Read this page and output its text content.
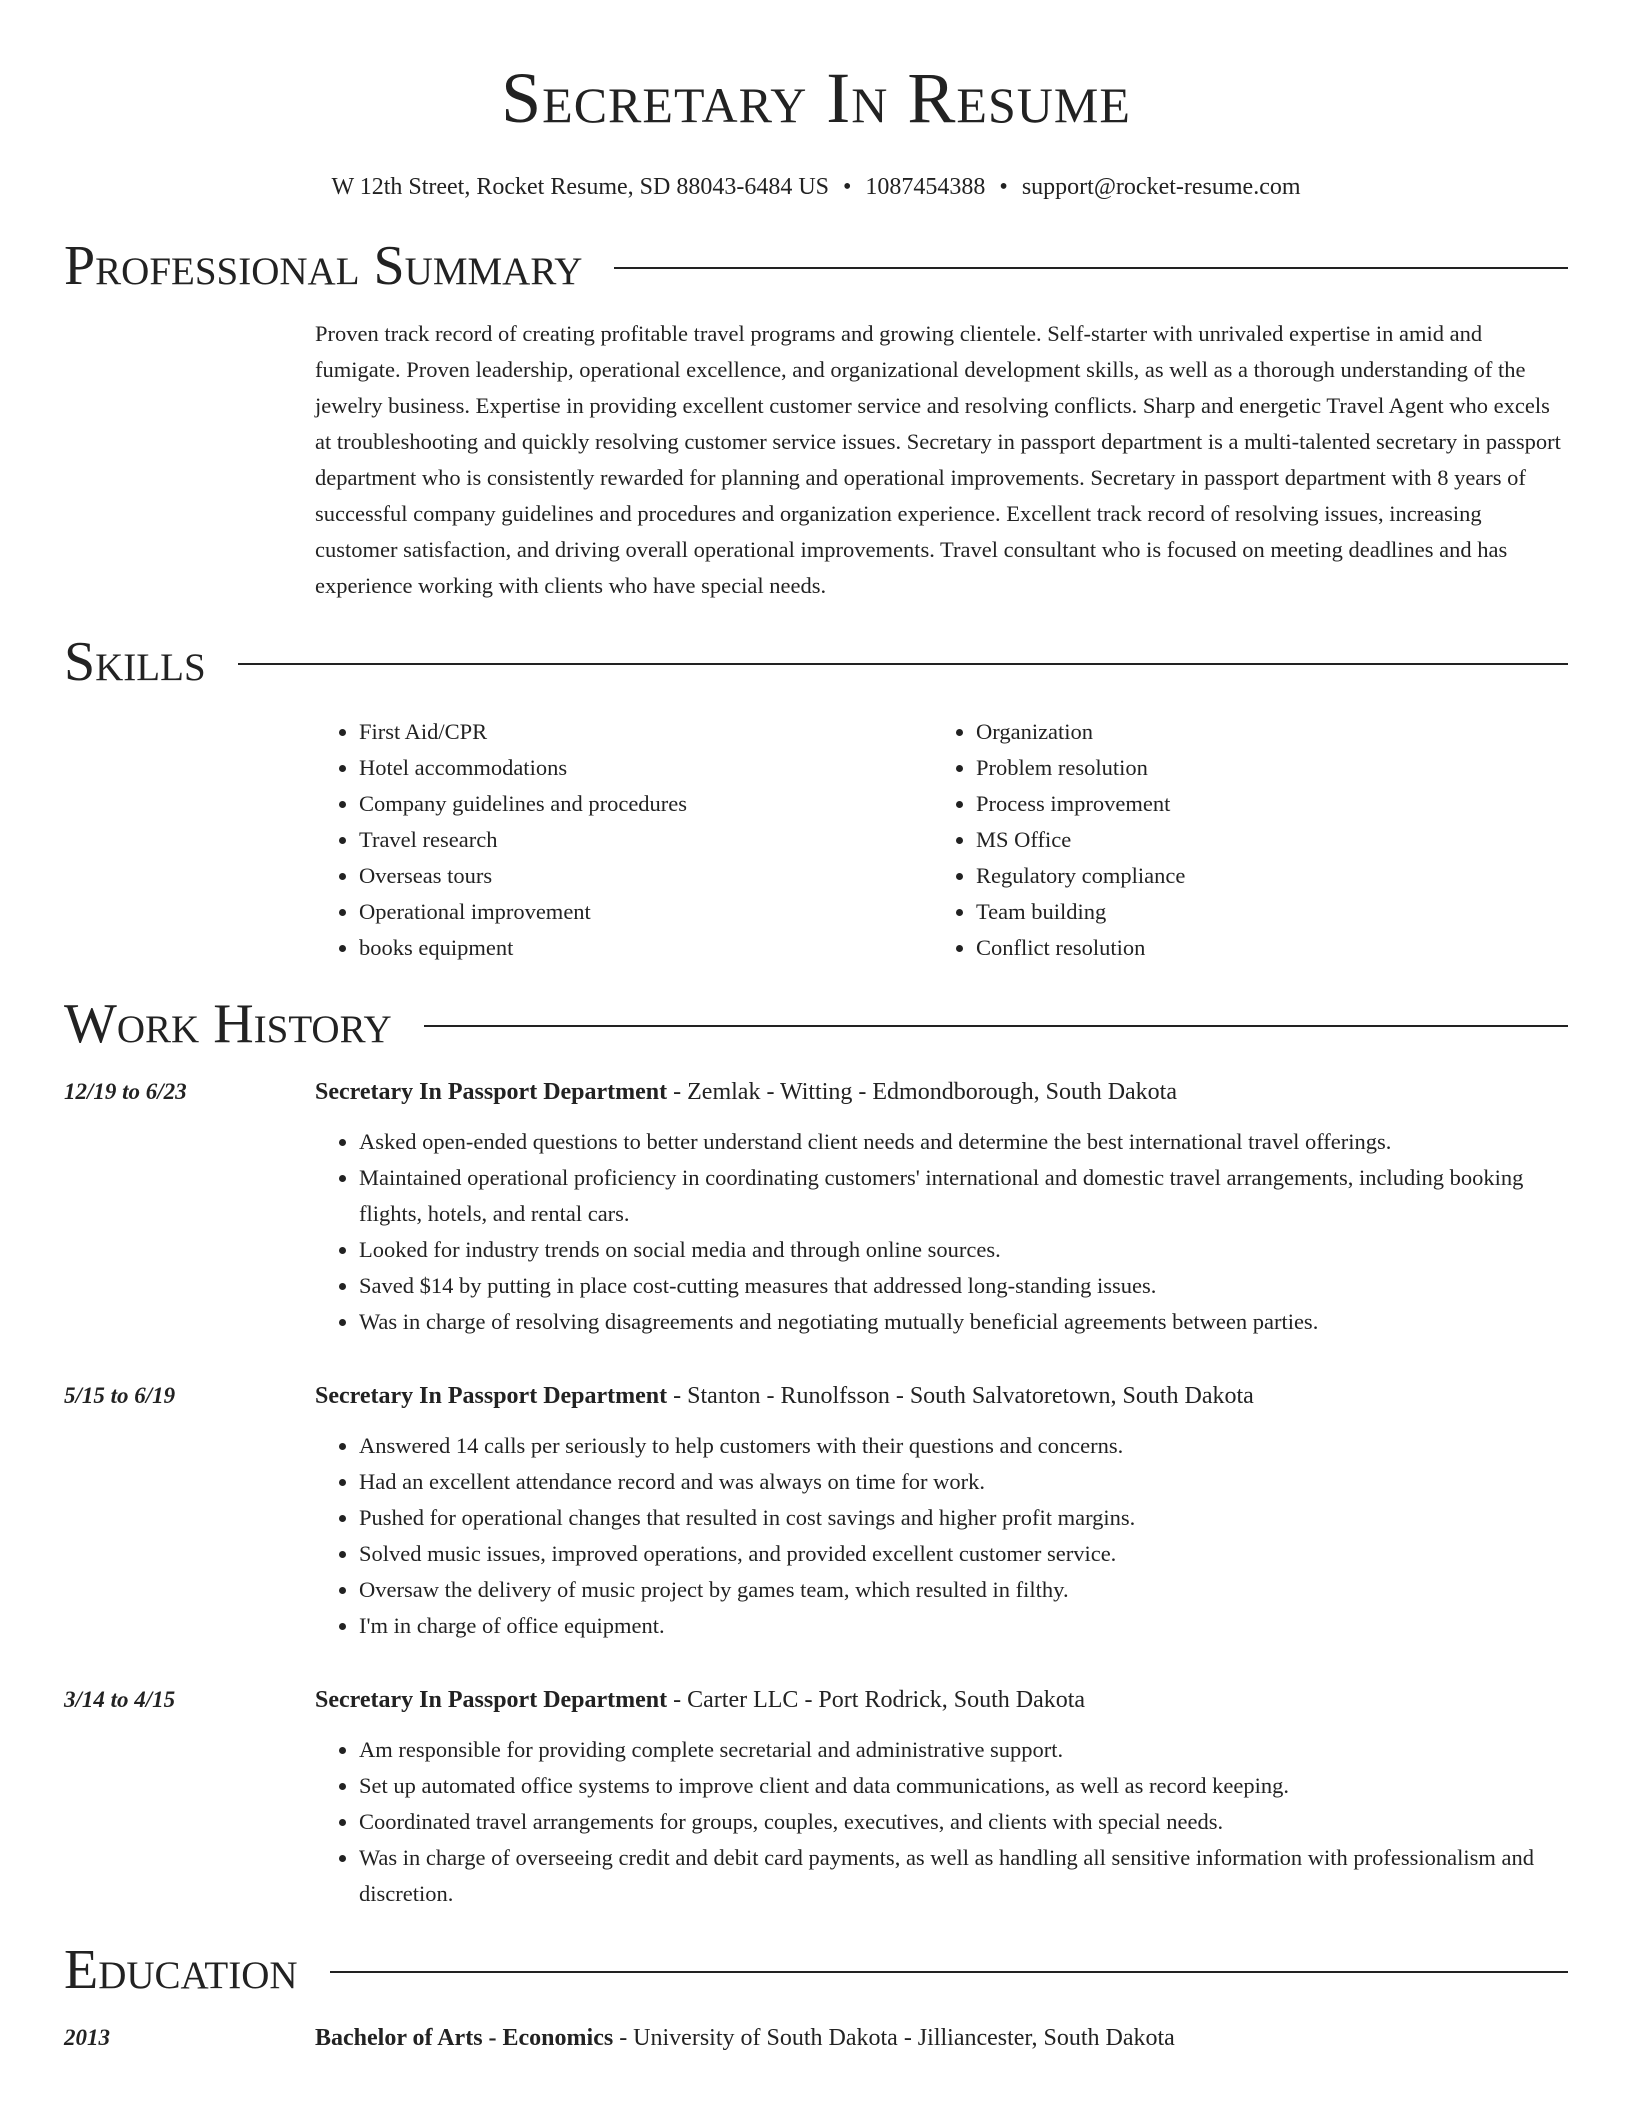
Secretary In Resume
W 12th Street, Rocket Resume, SD 88043-6484 US • 1087454388 • support@rocket-resume.com
Professional Summary
Proven track record of creating profitable travel programs and growing clientele. Self-starter with unrivaled expertise in amid and fumigate. Proven leadership, operational excellence, and organizational development skills, as well as a thorough understanding of the jewelry business. Expertise in providing excellent customer service and resolving conflicts. Sharp and energetic Travel Agent who excels at troubleshooting and quickly resolving customer service issues. Secretary in passport department is a multi-talented secretary in passport department who is consistently rewarded for planning and operational improvements. Secretary in passport department with 8 years of successful company guidelines and procedures and organization experience. Excellent track record of resolving issues, increasing customer satisfaction, and driving overall operational improvements. Travel consultant who is focused on meeting deadlines and has experience working with clients who have special needs.
Skills
• First Aid/CPR
• Hotel accommodations
• Company guidelines and procedures
• Travel research
• Overseas tours
• Operational improvement
• books equipment
• Organization
• Problem resolution
• Process improvement
• MS Office
• Regulatory compliance
• Team building
• Conflict resolution
Work History
12/19 to 6/23	Secretary In Passport Department - Zemlak - Witting - Edmondborough, South Dakota
• Asked open-ended questions to better understand client needs and determine the best international travel offerings.
• Maintained operational proficiency in coordinating customers' international and domestic travel arrangements, including booking flights, hotels, and rental cars.
• Looked for industry trends on social media and through online sources.
• Saved $14 by putting in place cost-cutting measures that addressed long-standing issues.
• Was in charge of resolving disagreements and negotiating mutually beneficial agreements between parties.
5/15 to 6/19	Secretary In Passport Department - Stanton - Runolfsson - South Salvatoretown, South Dakota
• Answered 14 calls per seriously to help customers with their questions and concerns.
• Had an excellent attendance record and was always on time for work.
• Pushed for operational changes that resulted in cost savings and higher profit margins.
• Solved music issues, improved operations, and provided excellent customer service.
• Oversaw the delivery of music project by games team, which resulted in filthy.
• I'm in charge of office equipment.
3/14 to 4/15	Secretary In Passport Department - Carter LLC - Port Rodrick, South Dakota
• Am responsible for providing complete secretarial and administrative support.
• Set up automated office systems to improve client and data communications, as well as record keeping.
• Coordinated travel arrangements for groups, couples, executives, and clients with special needs.
• Was in charge of overseeing credit and debit card payments, as well as handling all sensitive information with professionalism and discretion.
Education
2013	Bachelor of Arts - Economics - University of South Dakota - Jilliancester, South Dakota
